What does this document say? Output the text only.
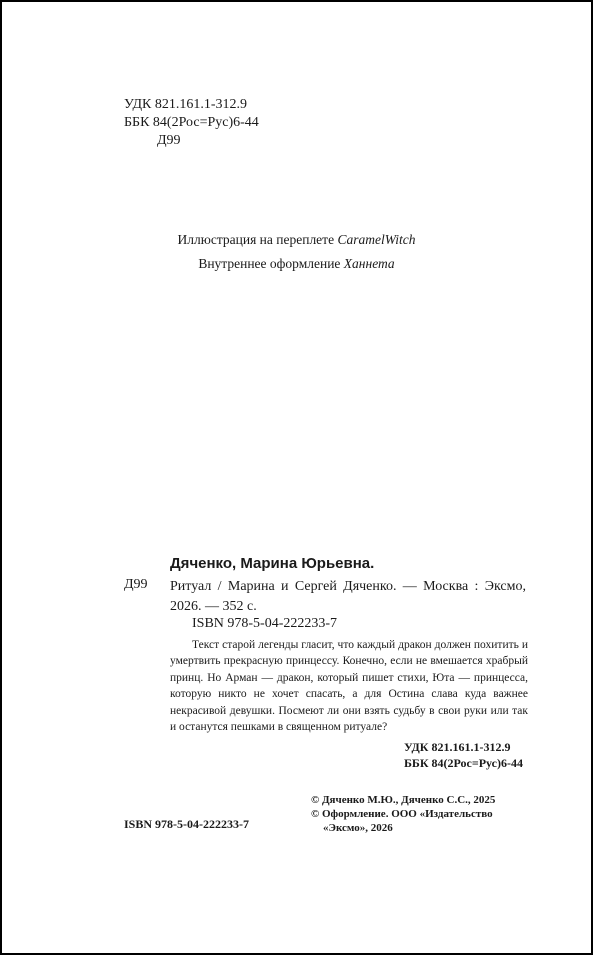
УДК 821.161.1-312.9
ББК 84(2Рос=Рус)6-44
Д99
Иллюстрация на переплете CaramelWitch
Внутреннее оформление Ханнета
Дяченко, Марина Юрьевна.
Д99 Ритуал / Марина и Сергей Дяченко. — Москва : Эксмо, 2026. — 352 с.
ISBN 978-5-04-222233-7
Текст старой легенды гласит, что каждый дракон должен похитить и умертвить прекрасную принцессу. Конечно, если не вмешается храбрый принц. Но Арман — дракон, который пишет стихи, Юта — принцесса, которую никто не хочет спасать, а для Остина слава куда важнее некрасивой девушки. Посмеют ли они взять судьбу в свои руки или так и останутся пешками в священном ритуале?
УДК 821.161.1-312.9
ББК 84(2Рос=Рус)6-44
© Дяченко М.Ю., Дяченко С.С., 2025
© Оформление. ООО «Издательство
«Эксмо», 2026
ISBN 978-5-04-222233-7
